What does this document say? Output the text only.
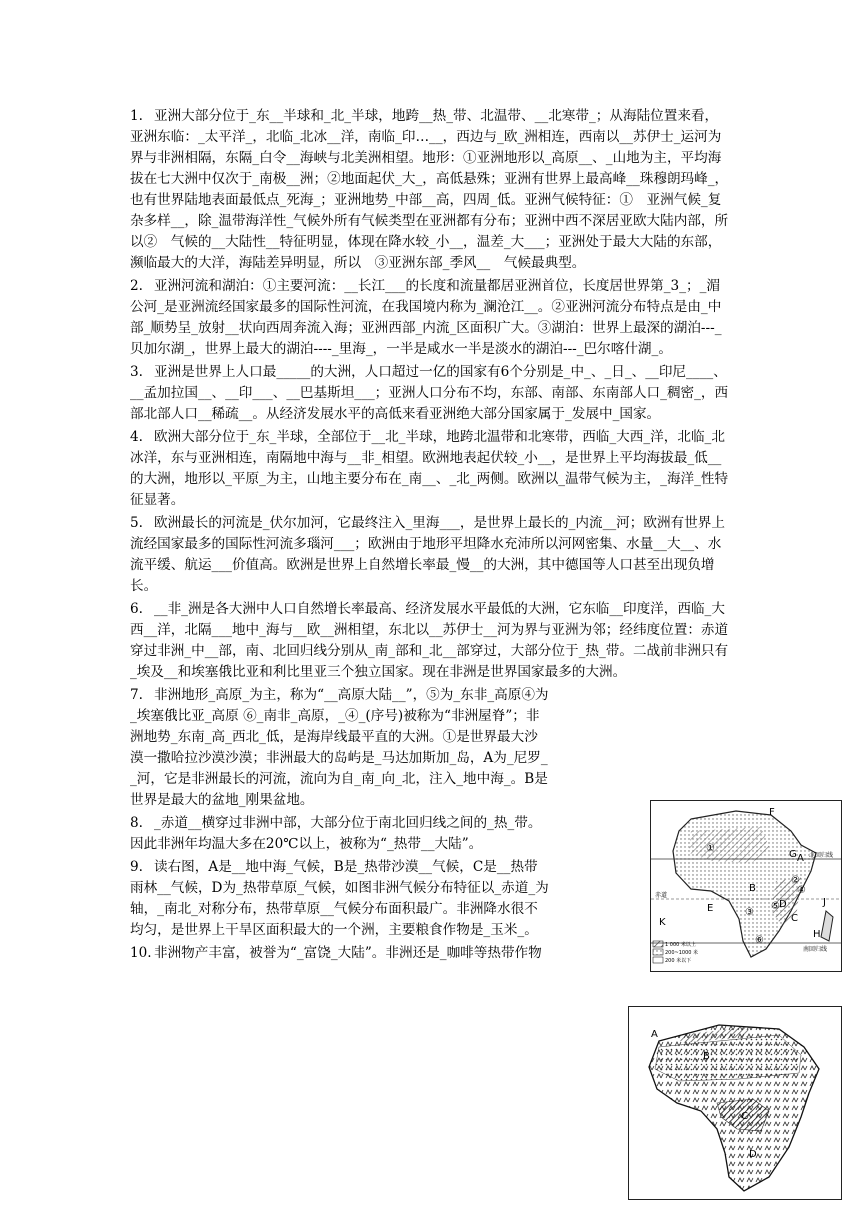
1. 亚洲大部分位于_东__半球和_北_半球，地跨__热_带、北温带、__北寒带_；从海陆位置来看，亚洲东临：_太平洋_，北临_北冰__洋，南临_印…__，西边与_欧_洲相连，西南以__苏伊士_运河为界与非洲相隔，东隔_白令__海峡与北美洲相望。地形：①亚洲地形以_高原__、_山地为主，平均海拔在七大洲中仅次于_南极__洲；②地面起伏_大_，高低悬殊；亚洲有世界上最高峰__珠穆朗玛峰_，也有世界陆地表面最低点_死海_；亚洲地势_中部__高，四周_低。亚洲气候特征：①　亚洲气候_复杂多样__，除_温带海洋性_气候外所有气候类型在亚洲都有分布；亚洲中西不深居亚欧大陆内部，所以②　气候的__大陆性__特征明显，体现在降水较_小__，温差_大___；亚洲处于最大大陆的东部，濒临最大的大洋，海陆差异明显，所以　③亚洲东部_季风__　气候最典型。

2. 亚洲河流和湖泊：①主要河流：__长江___的长度和流量都居亚洲首位，长度居世界第_3_；_湄公河_是亚洲流经国家最多的国际性河流，在我国境内称为_澜沧江__。②亚洲河流分布特点是由_中部_顺势呈_放射__状向西周奔流入海；亚洲西部_内流_区面积广大。③湖泊：世界上最深的湖泊---_贝加尔湖_，世界上最大的湖泊----_里海_，一半是咸水一半是淡水的湖泊---_巴尔喀什湖_。

3. 亚洲是世界上人口最_____的大洲，人口超过一亿的国家有6个分别是_中_、_日_、__印尼____、__孟加拉国__、__印___、__巴基斯坦___；亚洲人口分布不均，东部、南部、东南部人口_稠密_，西部北部人口__稀疏__。从经济发展水平的高低来看亚洲绝大部分国家属于_发展中_国家。

4. 欧洲大部分位于_东_半球，全部位于__北_半球，地跨北温带和北寒带，西临_大西_洋，北临_北冰洋，东与亚洲相连，南隔地中海与__非_相望。欧洲地表起伏较_小__，是世界上平均海拔最_低__的大洲，地形以_平原_为主，山地主要分布在_南__、_北_两侧。欧洲以_温带气候为主，_海洋_性特征显著。

5. 欧洲最长的河流是_伏尔加河，它最终注入_里海___，是世界上最长的_内流__河；欧洲有世界上流经国家最多的国际性河流多瑙河___；欧洲由于地形平坦降水充沛所以河网密集、水量__大__、水流平缓、航运___价值高。欧洲是世界上自然增长率最_慢__的大洲，其中德国等人口甚至出现负增长。

6. __非_洲是各大洲中人口自然增长率最高、经济发展水平最低的大洲，它东临__印度洋，西临_大西__洋，北隔___地中_海与__欧__洲相望，东北以__苏伊士__河为界与亚洲为邻；经纬度位置：赤道穿过非洲_中__部，南、北回归线分别从_南_部和_北__部穿过，大部分位于_热_带。二战前非洲只有_埃及__和埃塞俄比亚和利比里亚三个独立国家。现在非洲是世界国家最多的大洲。

7. 非洲地形_高原_为主，称为“__高原大陆__”，⑤为_东非_高原④为_埃塞俄比亚_高原 ⑥_南非_高原，_④_(序号)被称为“非洲屋脊”；非洲地势_东南_高_西北_低，是海岸线最平直的大洲。①是世界最大沙漠一撒哈拉沙漠沙漠；非洲最大的岛屿是_马达加斯加_岛，A为_尼罗__河，它是非洲最长的河流，流向为自_南_向_北，注入_地中海_。B是世界是最大的盆地_刚果盆地。

8. _赤道__横穿过非洲中部，大部分位于南北回归线之间的_热_带。因此非洲年均温大多在20℃以上，被称为“_热带__大陆”。

9. 读右图，A是__地中海_气候，B是_热带沙漠__气候，C是__热带雨林__气候，D为_热带草原_气候，如图非洲气候分布特征以_赤道_为轴，_南北_对称分布，热带草原__气候分布面积最广。非洲降水很不均匀，是世界上干旱区面积最大的一个洲，主要粮食作物是_玉米_。

10. 非洲物产丰富，被誉为“_富饶_大陆”。非洲还是_咖啡等热带作物

F
G A
B
E
C
H
K
J
D
①
②
③
④
⑤
⑥
北回归线
南回归线
赤道
1 000 米以上
200~1000 米
200 米以下
A
B
C
D
